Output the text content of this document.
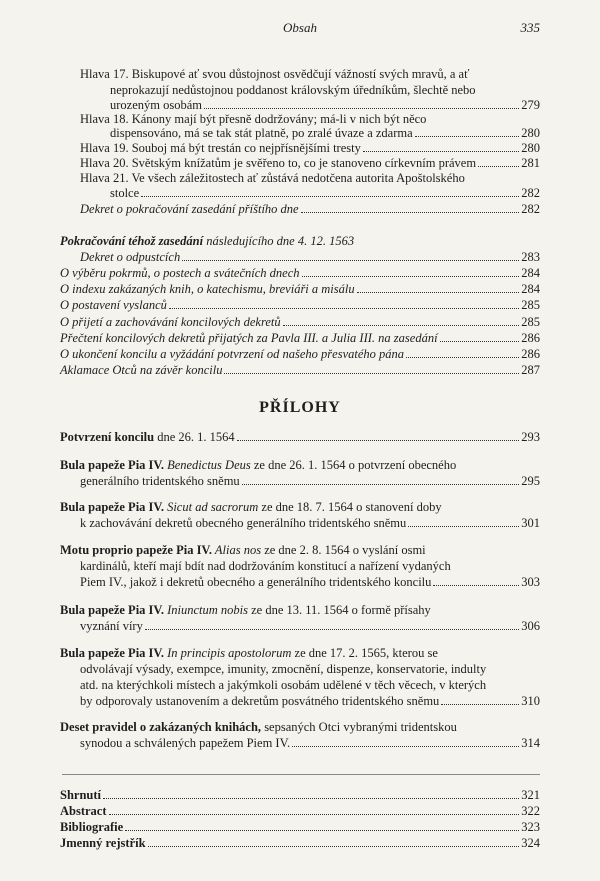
Obsah	335
Hlava 17. Biskupové ať svou důstojnost osvědčují vážností svých mravů, a ať
neprokazují nedůstojnou poddanost královským úředníkům, šlechtě nebo
urozeným osobám	279
Hlava 18. Kánony mají být přesně dodržovány; má-li v nich být něco
dispensováno, má se tak stát platně, po zralé úvaze a zdarma	280
Hlava 19. Souboj má být trestán co nejpřísnějšími tresty	280
Hlava 20. Světským knížatům je svěřeno to, co je stanoveno církevním právem	281
Hlava 21. Ve všech záležitostech ať zůstává nedotčena autorita Apoštolského
stolce	282
Dekret o pokračování zasedání příštího dne	282
Pokračování téhož zasedání následujícího dne 4. 12. 1563
Dekret o odpustcích	283
O výběru pokrmů, o postech a svátečních dnech	284
O indexu zakázaných knih, o katechismu, breviáři a misálu	284
O postavení vyslanců	285
O přijetí a zachovávání koncilových dekretů	285
Přečtení koncilových dekretů přijatých za Pavla III. a Julia III. na zasedání	286
O ukončení koncilu a vyžádání potvrzení od našeho přesvatého pána	286
Aklamace Otců na závěr koncilu	287
Potvrzení koncilu dne 26. 1. 1564	293
Bula papeže Pia IV. Benedictus Deus ze dne 26. 1. 1564 o potvrzení obecného
generálního tridentského sněmu	295
Bula papeže Pia IV. Sicut ad sacrorum ze dne 18. 7. 1564 o stanovení doby
k zachovávání dekretů obecného generálního tridentského sněmu	301
Motu proprio papeže Pia IV. Alias nos ze dne 2. 8. 1564 o vyslání osmi
kardinálů, kteří mají bdít nad dodržováním konstitucí a nařízení vydaných
Piem IV., jakož i dekretů obecného a generálního tridentského koncilu	303
Bula papeže Pia IV. Iniunctum nobis ze dne 13. 11. 1564 o formě přísahy
vyznání víry	306
Bula papeže Pia IV. In principis apostolorum ze dne 17. 2. 1565, kterou se
odvolávají výsady, exempce, imunity, zmocnění, dispenze, konservatorie, indulty
atd. na kterýchkoli místech a jakýmkoli osobám udělené v těch věcech, v kterých
by odporovaly ustanovením a dekretům posvátného tridentského sněmu	310
Deset pravidel o zakázaných knihách, sepsaných Otci vybranými tridentskou
synodou a schválených papežem Piem IV.	314
Shrnutí	321
Abstract	322
Bibliografie	323
Jmenný rejstřík	324
PŘÍLOHY
